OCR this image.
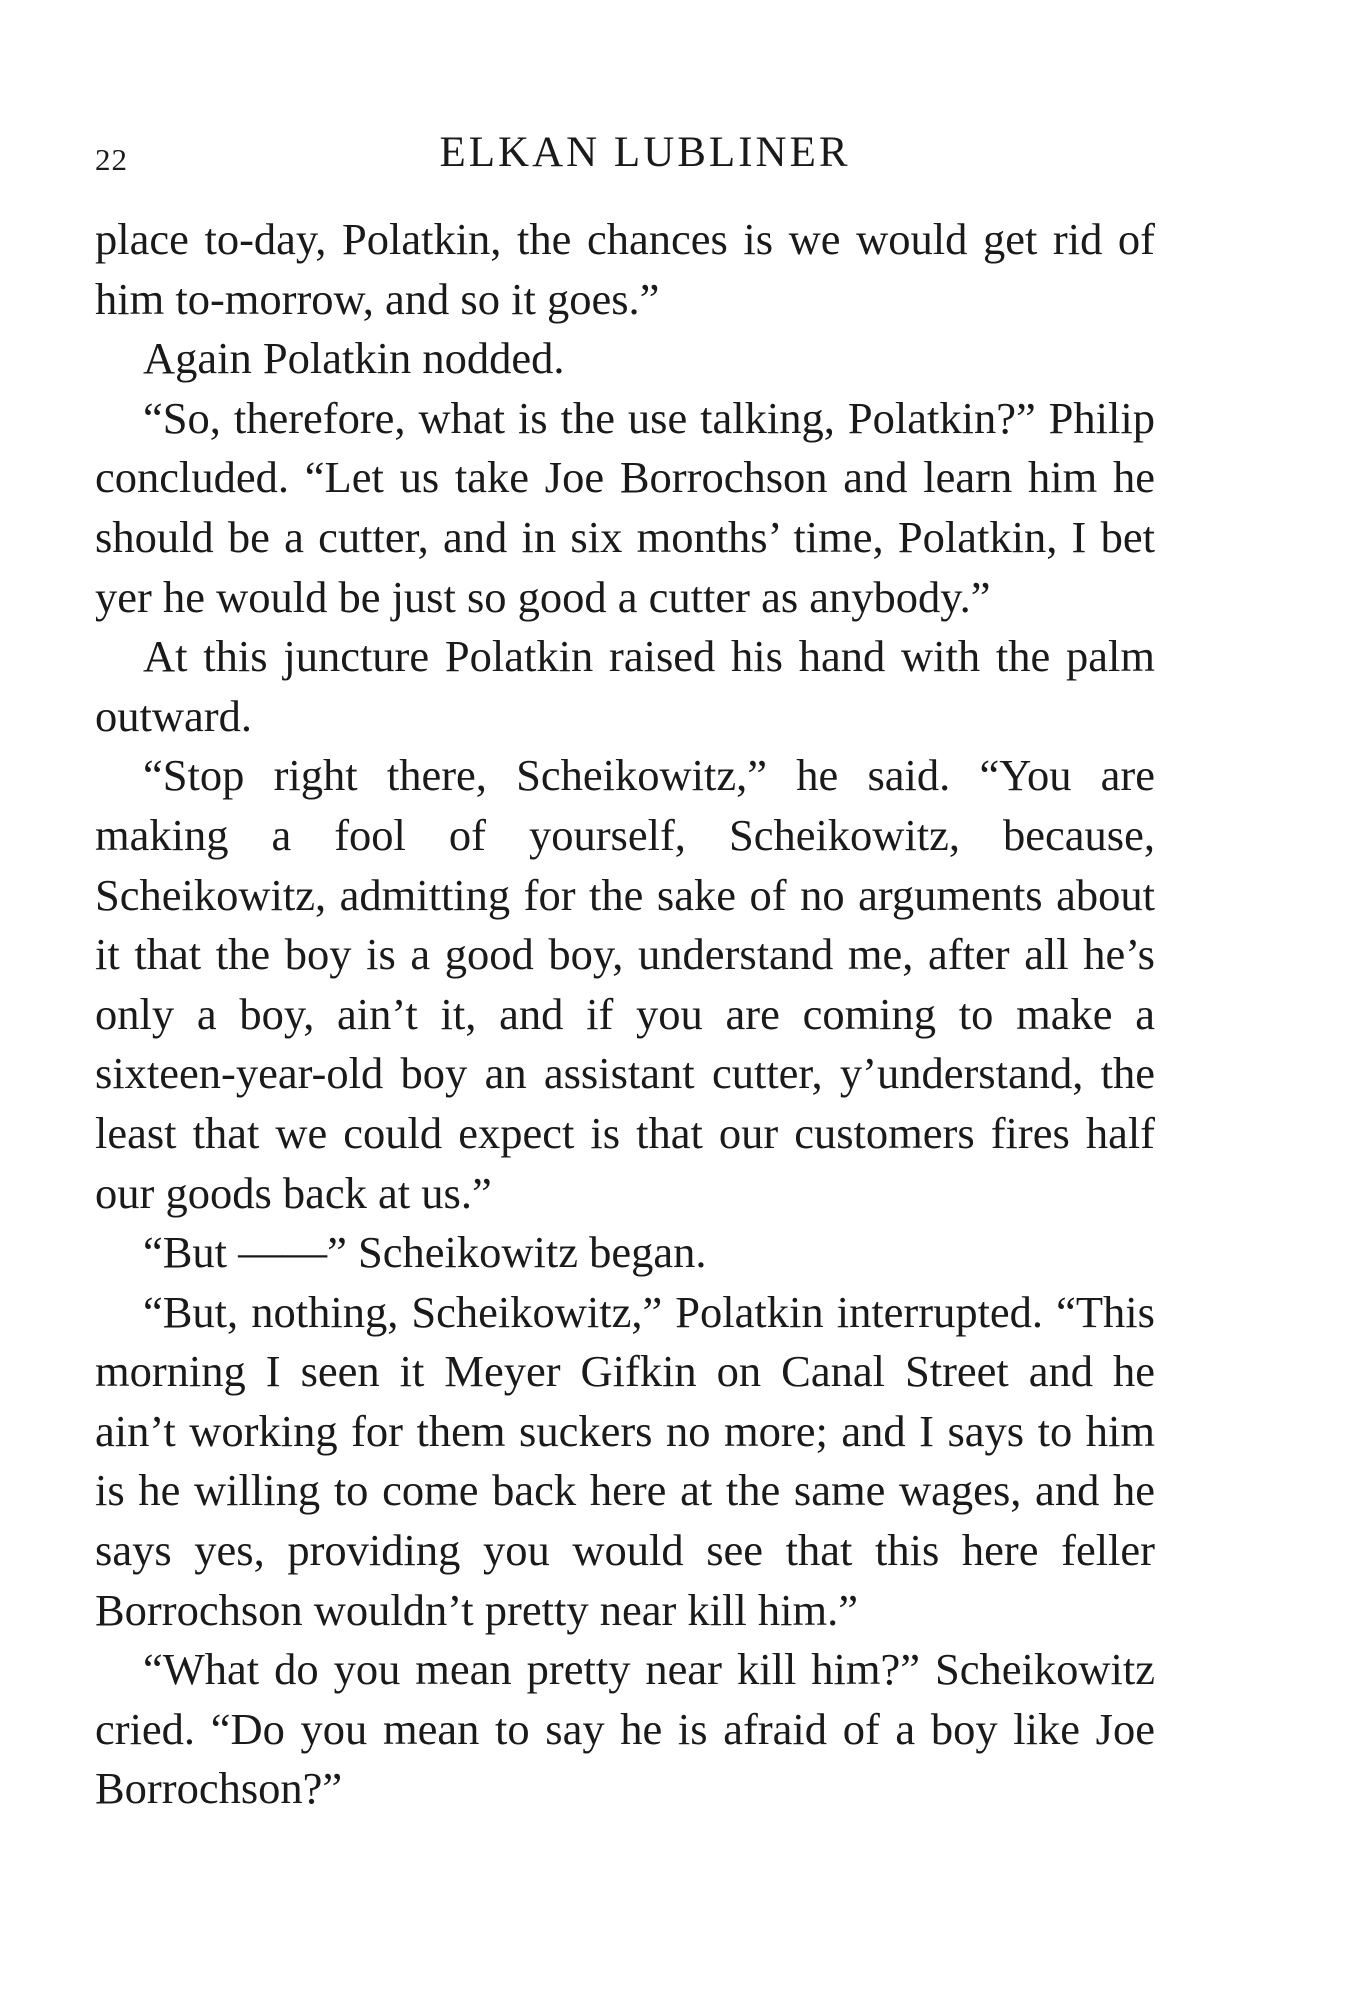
22	ELKAN LUBLINER

place to-day, Polatkin, the chances is we would get rid of him to-morrow, and so it goes.”

Again Polatkin nodded.

“So, therefore, what is the use talking, Polatkin?” Philip concluded. “Let us take Joe Borrochson and learn him he should be a cutter, and in six months’ time, Polatkin, I bet yer he would be just so good a cutter as anybody.”

At this juncture Polatkin raised his hand with the palm outward.

“Stop right there, Scheikowitz,” he said. “You are making a fool of yourself, Scheikowitz, because, Scheikowitz, admitting for the sake of no arguments about it that the boy is a good boy, understand me, after all he’s only a boy, ain’t it, and if you are coming to make a sixteen-year-old boy an assistant cutter, y’understand, the least that we could expect is that our customers fires half our goods back at us.”

“But ——” Scheikowitz began.

“But, nothing, Scheikowitz,” Polatkin interrupted. “This morning I seen it Meyer Gifkin on Canal Street and he ain’t working for them suckers no more; and I says to him is he willing to come back here at the same wages, and he says yes, providing you would see that this here feller Borrochson wouldn’t pretty near kill him.”

“What do you mean pretty near kill him?” Scheikowitz cried. “Do you mean to say he is afraid of a boy like Joe Borrochson?”
